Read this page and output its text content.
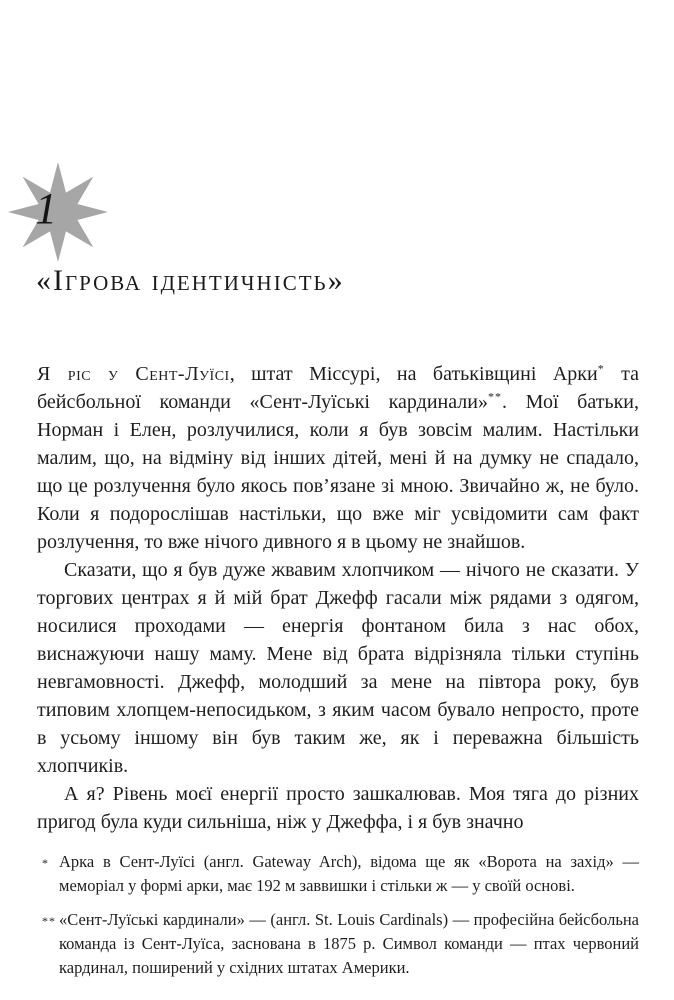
1
«Ігрова ідентичність»

Я ріс у Сент-Луїсі, штат Міссурі, на батьківщині Арки* та бейсбольної команди «Сент-Луїські кардинали»**. Мої батьки, Норман і Елен, розлучилися, коли я був зовсім малим. Настільки малим, що, на відміну від інших дітей, мені й на думку не спадало, що це розлучення було якось пов’язане зі мною. Звичайно ж, не було. Коли я подорослішав настільки, що вже міг усвідомити сам факт розлучення, то вже нічого дивного я в цьому не знайшов.

Сказати, що я був дуже жвавим хлопчиком — нічого не сказати. У торгових центрах я й мій брат Джефф гасали між рядами з одягом, носилися проходами — енергія фонтаном била з нас обох, виснажуючи нашу маму. Мене від брата відрізняла тільки ступінь невгамовності. Джефф, молодший за мене на півтора року, був типовим хлопцем-непосидьком, з яким часом бувало непросто, проте в усьому іншому він був таким же, як і переважна більшість хлопчиків.

А я? Рівень моєї енергії просто зашкалював. Моя тяга до різних пригод була куди сильніша, ніж у Джеффа, і я був значно

* Арка в Сент-Луїсі (англ. Gateway Arch), відома ще як «Ворота на захід» — меморіал у формі арки, має 192 м заввишки і стільки ж — у своїй основі.
** «Сент-Луїські кардинали» — (англ. St. Louis Cardinals) — професійна бейсбольна команда із Сент-Луїса, заснована в 1875 р. Символ команди — птах червоний кардинал, поширений у східних штатах Америки.
